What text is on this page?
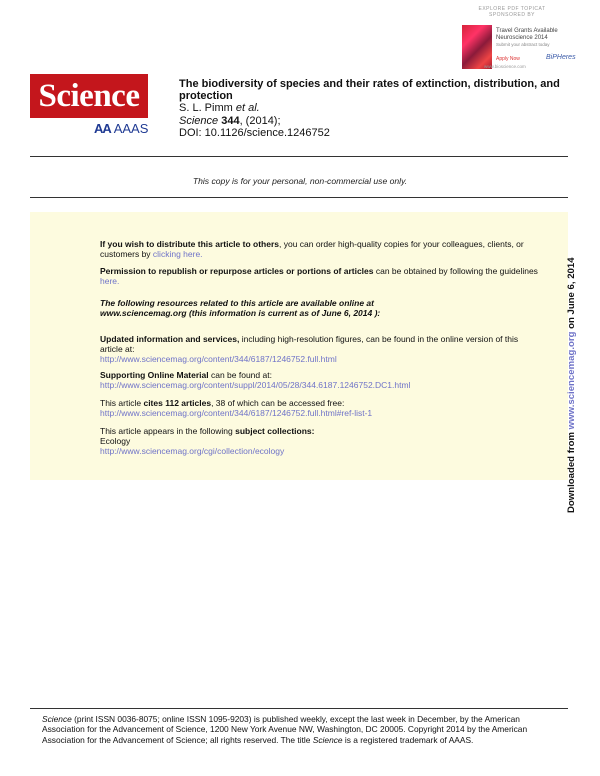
EXPLORE PDF TOPICAT
SPONSORED BY
Travel Grants Available
Neuroscience 2014
Submit your abstract today
Apply Now	BiPHeres
www.bioscience.com
Science
AA AAAS
The biodiversity of species and their rates of extinction, distribution, and protection
S. L. Pimm et al.
Science 344, (2014);
DOI: 10.1126/science.1246752
This copy is for your personal, non-commercial use only.
If you wish to distribute this article to others, you can order high-quality copies for your colleagues, clients, or customers by clicking here.
Permission to republish or repurpose articles or portions of articles can be obtained by following the guidelines here.
The following resources related to this article are available online at
www.sciencemag.org (this information is current as of June 6, 2014 ):
Updated information and services, including high-resolution figures, can be found in the online version of this article at:
http://www.sciencemag.org/content/344/6187/1246752.full.html
Supporting Online Material can be found at:
http://www.sciencemag.org/content/suppl/2014/05/28/344.6187.1246752.DC1.html
This article cites 112 articles, 38 of which can be accessed free:
http://www.sciencemag.org/content/344/6187/1246752.full.html#ref-list-1
This article appears in the following subject collections:
Ecology
http://www.sciencemag.org/cgi/collection/ecology	Downloaded from www.sciencemag.org on June 6, 2014
Science (print ISSN 0036-8075; online ISSN 1095-9203) is published weekly, except the last week in December, by the American Association for the Advancement of Science, 1200 New York Avenue NW, Washington, DC 20005. Copyright 2014 by the American Association for the Advancement of Science; all rights reserved. The title Science is a registered trademark of AAAS.
